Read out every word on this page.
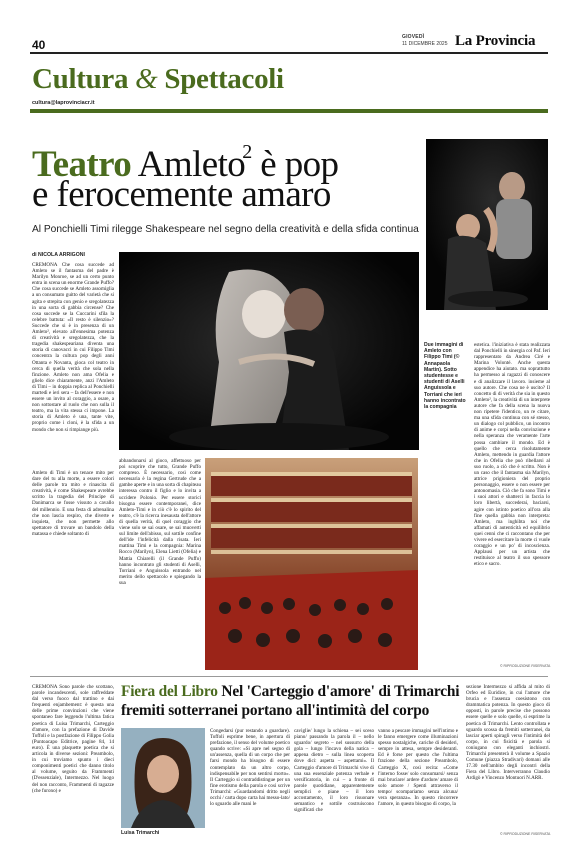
40
GIOVEDÌ
11 DICEMBRE 2025 La Provincia
Cultura & Spettacoli
cultura@laprovinciacr.it
Teatro Amleto$^2$ è pop
e ferocemente amaro
Al Ponchielli Timi rilegge Shakespeare nel segno della creatività e della sfida continua
di NICOLA ARRIGONI
CREMONA Che cosa succede ad Amleto se il fantasma del padre è Marilyn Monroe, se ad un certo punto entra in scena un enorme Grande Puffo? Che cosa succede se Amleto assomiglia a un consumato guitto del varietà che si agita e strepita con genio e sregolatezza in una sorta di gabbia circense? Che cosa succede se la Cuccarini sfila la celebre battuta: «Il resto è silenzio»? Succede che si è in presenza di un Amleto², elevato all'ennesima potenza di creatività e sregolatezza, che la tragedia shakespeariana diventa una storia di canovacci in cui Filippo Timi concentra la cultura pop degli anni Ottanta e Novanta, gioca col teatro in cerca di quella verità che sola nella finzione. Amleto non ama Ofelia e glielo dice chiaramente, anzi l'Amleto di Timi – in doppia replica al Ponchielli martedì e ieri sera – fa dell'essere e non essere un invito al coraggio, a osare, a non sottostare al ruolo che non sulla il teatro, ma la vita stessa ci impone. La storia di Amleto è una, tante vite, proprio come i cloni, è la sfida a un mondo che non si rimpiange più.
Amleto di Timi è un tenace mito per dare del tu alla morte, a essere colori delle parole tra mito e rinascita di creatività, è come Shakespeare avrebbe scritto la tragedia del Principe di Danimarca se fosse vissuto a cavallo del millennio. E una festa di adrenalina che non lascia respiro, che diverte e inquieta, che non permette allo spettatore di trovare un bandolo della matassa e chiede soltanto di
abbandonarsi al gioco, affettuoso per poi scoprire che tutto, Grande Puffo compreso. È necessario, così come necessaria è la regina Gertrude che a gambe aperte e in una sorta di chapiteau interessa contro il figlio e lo invita a uccidere Polonio. Per essere storici bisogna essere contemporanei, dice Amleto-Timi e in ciò c'è lo spirito del teatro, c'è la ricerca inesausta dell'attore di quella verità, di quel coraggio che viene solo se sai osare, se sai muoverti sul limite dell'abisso, sul sottile confine dell'ide l'infelicità dalla risata. Ieri mattina Timi e la compagnia: Marina Rocco (Marilyn), Elena Lietti (Ofelia) e Mattia Chiarelli (il Grande Puffo) hanno incontrato gli studenti di Aselli, Torriani e Anguissola entrando nel merito dello spettacolo e spiegando la sua
Due immagini di Amleto con Filippo Timi (© Annapaola Martin). Sotto studentesse e studenti di Aselli Anguissola e Torriani che ieri hanno incontrato la compagnia
estetica. l'iniziativa è stata realizzata dal Ponchielli in sinergia col Paf. Ieri rappresentato da Andrea Ciré e Marina Volonté. Anche questa appendice ha aiutato. ma soprattutto ha permesso ai ragazzi di conoscere e di analizzare il lavoro. insieme al suo autore. Che cosa ne è uscito? Il concetto di di verità che sia in questo Amleto², la creatività di un interprete autore che fa della scena la nuova non ripetere l'identico, un re citare, ma una sfida continua con sé stesso, un dialogo col pubblico, un incontro di anime e corpi nella convinzione e nella speranza che veramente l'arte possa cambiare il mondo. Ed è quello che cerca risolutamente Amleto, mettendo in guardia l'attore che in Ofelia che può ribellarsi al suo ruolo, a ciò che è scritto. Non è un caso che il fantasma sia Marilyn, attrice prigioniera del proprio personaggio, essere o non essere per antonomasia. Ciò che fa sono Timi e i suoi attori e shatterci in faccia lo loro libertà, succederai, baciarsi, agire con istinto poetico all'ora alla fine quella gabbia non interpreta: Amleto, ma inghibta noi che affamati di autenticità ed equilibrio quei cenni che ci raccontano che per vivere ed esercitare la morte ci vuole coraggio e un po' di incoscienza. Applausi per un artista che restituisce al teatro il suo spessore etico e sacro.
© RIPRODUZIONE RISERVATA
CREMONA Sono parole che scottano, parole incandescenti, sole raffreddate dal verso fuoco dal trattino e dai frequenti enjambement: è questa una delle prime convinzioni che viene spontaneo fare leggendo l'ultima fatica poetica di Luisa Trimarchi, Carteggio d'amore, con la prefazione di Davide Toffoli e la postfazione di Filippo Golia (Puntoacapo Editrice, pagine 84, 14 euro). È una plaquette poetica che si articola in diverse sezioni: Preambolo, in cui troviamo spunto i dieci componimenti poetici che danno titolo al volume, seguito da Frammenti (D'essenziale), Intermezzo. Nel luogo del non racconto, Frammenti di ragazze (che furono) e
Fiera del Libro Nel 'Carteggio d'amore' di Trimarchi
fremiti sotterranei portano all'intimità del corpo
Luisa Trimarchi
Congedarsi (pur restando a guardare). Toffoli esprime bene, in apertura di prefazione, il senso del volume poetico quando scrive: «Si apre nel segno di un'assenza, quella di un corpo che per farsi mondo ha bisogno di essere contemplato da un altro corpo, indispensabile per non sentirsi morto». Il Carteggio si contraddistingue per un fine erotismo della parola e così scrive Trimarchi: «Guardandomi dritto negli occhi / carta dopo carta hai messo-lato/ lo sguardo alle mani le
caviglie/ lungo la schiena – sei sceso piano/ passando la parola il – nello sguardo/ segreto – nel sussurro della gola – lungo l'incavo della natica – appena dietro – sulla linea scoperta dove dici: aspetta – aspettami». Il Carteggio d'amore di Trimarchi vive di una sua essenziale potenza verbale e versificatoria, in cui – a fronte di parole quotidiane, apparentemente semplici e piane – il loro accostamento, il loro risuonare semantico e sottile costruiscono significati che
vanno a pescare immagini nell'intimo e le fanno emergere come illuminazioni spesso nostalgiche, cariche di desideri, sempre in attesa, sempre desideranti. Ed è forse per questo che l'ultima frazione della sezione Preambolo, Carteggio X, così recita: «Come l'interno fosse/ solo consumarsi/ senza mai bruciare/ ardere d'ardore/ amare di solo amore / Spenti attraverso il tempo/ scompariamo senza alcuna/ vera speranza». In questo rincorrere l'amore, in questo bisogno di corpo, la
sezione Intermezzo si affida al mito di Orfeo ed Euridice, in cui l'amore che brucia e l'assenza coesistono con drammatica potenza. In questo gioco di opposti, in parole precise che possono essere quelle e solo quelle, si esprime la poetica di Trimarchi. Lento controllata e sguardo scossa da fremiti sotterranei, da lasciar aperti spiragli verso l'intimità del corpo, in cui fisicità e parola si coniugano con eleganti inchiostri. Trimarchi presenterà il volume a Spazio Comune (piazza Stradivari) domani alle 17.30 nell'ambito degli incontri della Fiera del Libro. Interverranno Claudio Ardigò e Vincenzo Montuori N.ARR.
© RIPRODUZIONE RISERVATA
